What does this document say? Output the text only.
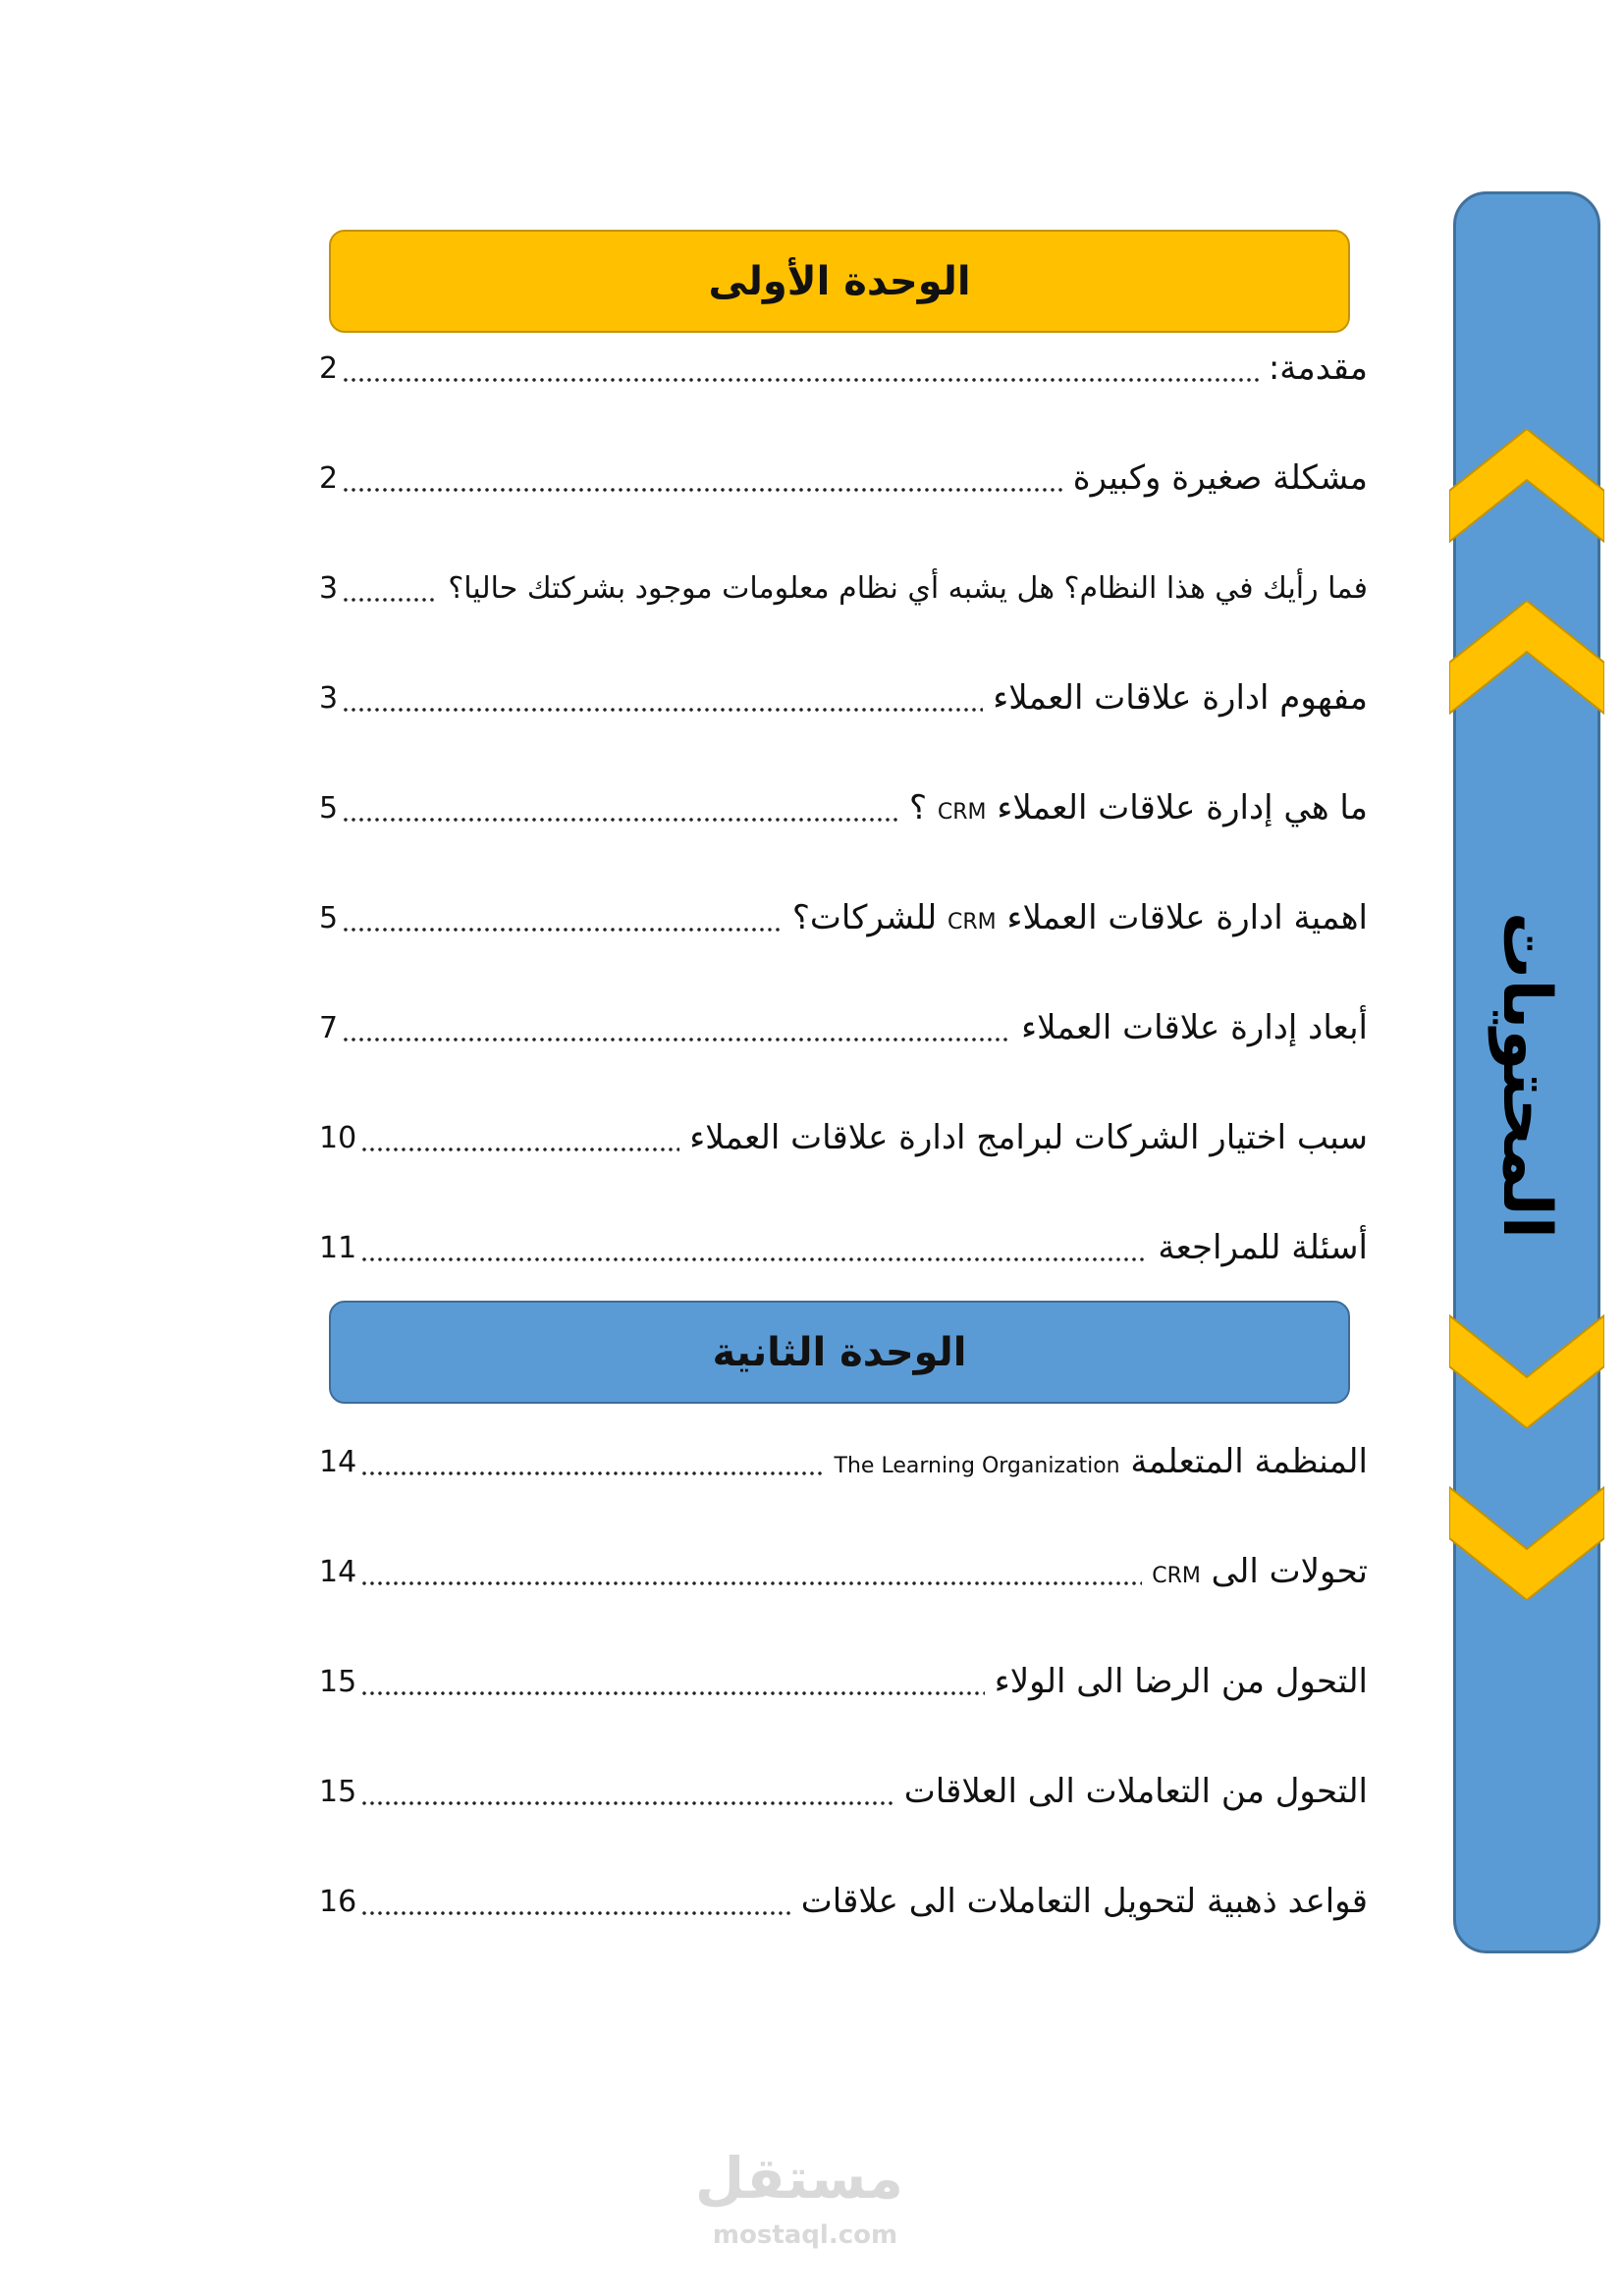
المحتويات
الوحدة الأولى
مقدمة:
2
مشكلة صغيرة وكبيرة
2
فما رأيك في هذا النظام؟ هل يشبه أي نظام معلومات موجود بشركتك حاليا؟
3
مفهوم ادارة علاقات العملاء
3
ما هي إدارة علاقات العملاء CRM ؟
5
اهمية ادارة علاقات العملاء CRM للشركات؟
5
أبعاد إدارة علاقات العملاء
7
سبب اختيار الشركات لبرامج ادارة علاقات العملاء
10
أسئلة للمراجعة
11
الوحدة الثانية
المنظمة المتعلمة The Learning Organization
14
تحولات الى CRM
14
التحول من الرضا الى الولاء
15
التحول من التعاملات الى العلاقات
15
قواعد ذهبية لتحويل التعاملات الى علاقات
16
مستقل
mostaql.com
